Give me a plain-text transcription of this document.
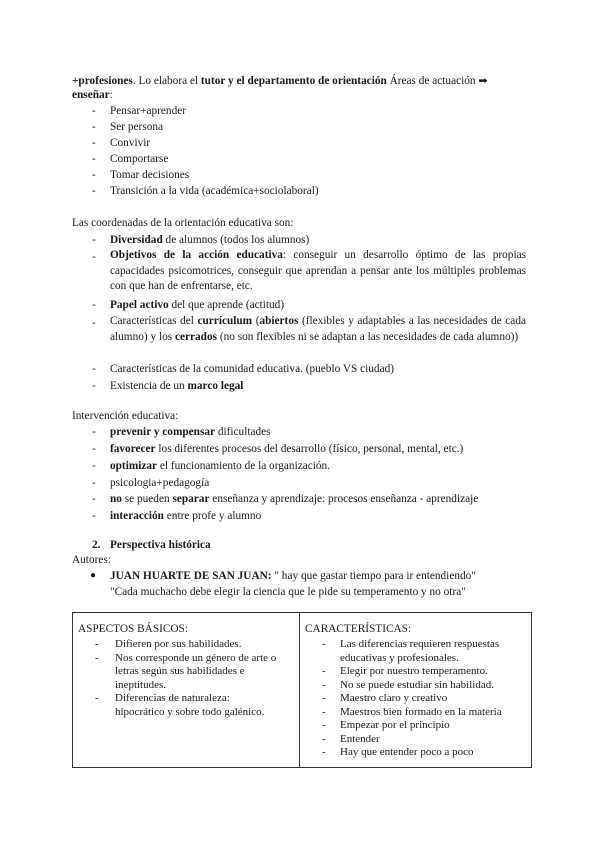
+profesiones. Lo elabora el tutor y el departamento de orientación Áreas de actuación ➡
enseñar:
- Pensar+aprender
- Ser persona
- Convivir
- Comportarse
- Tomar decisiones
- Transición a la vida (académica+sociolaboral)
Las coordenadas de la orientación educativa son:
- Diversidad de alumnos (todos los alumnos)
- Objetivos de la acción educativa: conseguir un desarrollo óptimo de las propias capacidades psicomotrices, conseguir que aprendan a pensar ante los múltiples problemas con que han de enfrentarse, etc.
- Papel activo del que aprende (actitud)
- Características del currículum (abiertos (flexibles y adaptables a las necesidades de cada alumno) y los cerrados (no son flexibles ni se adaptan a las necesidades de cada alumno))
- Características de la comunidad educativa. (pueblo VS ciudad)
- Existencia de un marco legal
Intervención educativa:
- prevenir y compensar dificultades
- favorecer los diferentes procesos del desarrollo (físico, personal, mental, etc.)
- optimizar el funcionamiento de la organización.
- psicologia+pedagogía
- no se pueden separar enseñanza y aprendizaje: procesos enseñanza - aprendizaje
- interacción entre profe y alumno
2. Perspectiva histórica
Autores:
● JUAN HUARTE DE SAN JUAN: " hay que gastar tiempo para ir entendiendo"
"Cada muchacho debe elegir la ciencia que le pide su temperamento y no otra"
ASPECTOS BÁSICOS:
- Difieren por sus habilidades.
- Nos corresponde un género de arte o
letras según sus habilidades e
ineptitudes.
- Diferencias de naturaleza:
hipocrático y sobre todo galénico.
CARACTERÍSTICAS:
- Las diferencias requieren respuestas
educativas y profesionales.
- Elegir por nuestro temperamento.
- No se puede estudiar sin habilidad.
- Maestro claro y creativo
- Maestros bien formado en la materia
- Empezar por el principio
- Entender
- Hay que entender poco a poco
